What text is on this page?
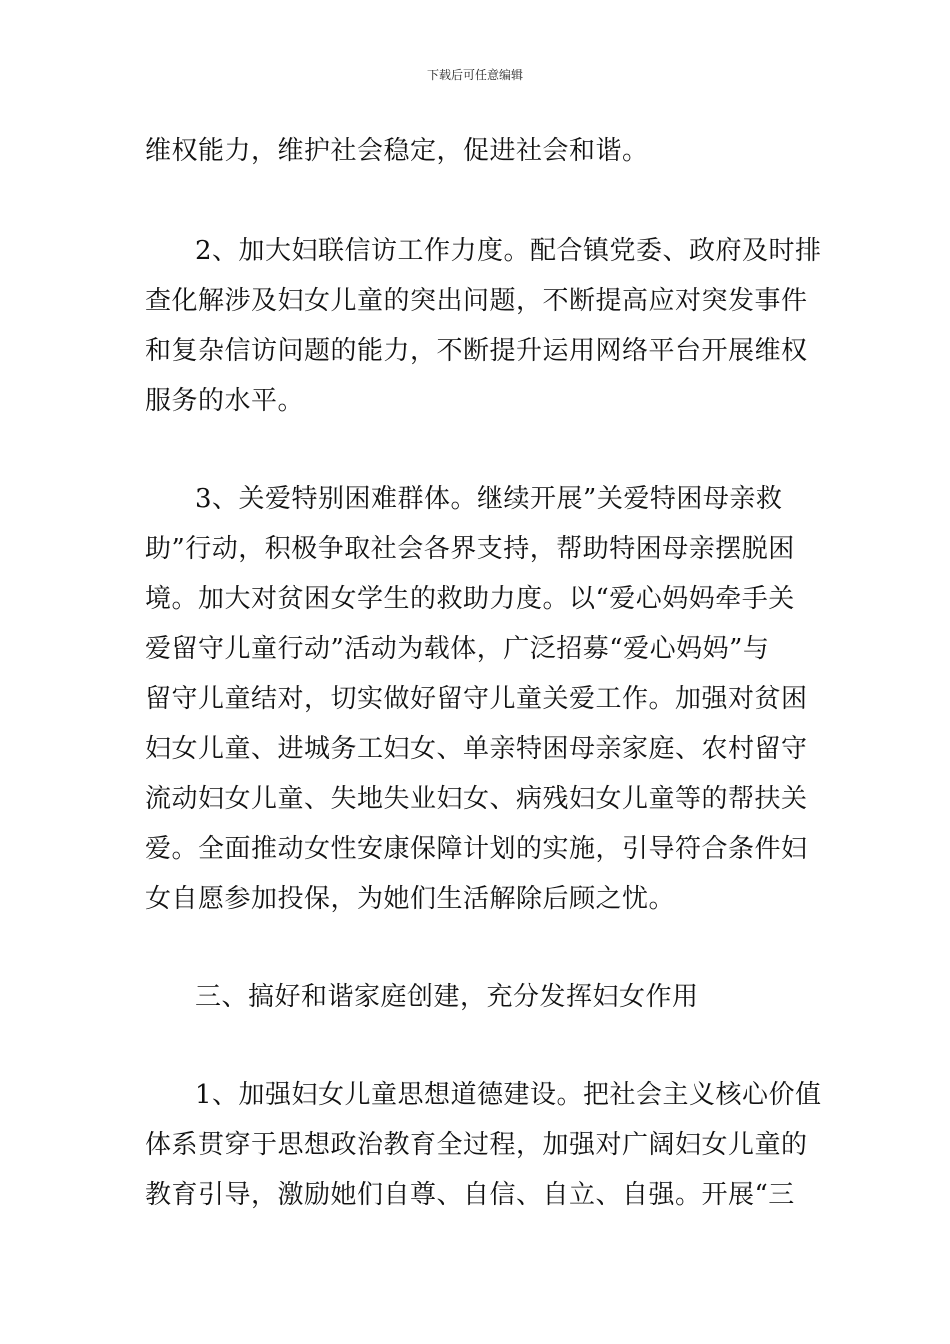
下载后可任意编辑
维权能力，维护社会稳定，促进社会和谐。
2、加大妇联信访工作力度。配合镇党委、政府及时排
查化解涉及妇女儿童的突出问题，不断提高应对突发事件
和复杂信访问题的能力，不断提升运用网络平台开展维权
服务的水平。
3、关爱特别困难群体。继续开展”关爱特困母亲救
助”行动，积极争取社会各界支持，帮助特困母亲摆脱困
境。加大对贫困女学生的救助力度。以“爱心妈妈牵手关
爱留守儿童行动”活动为载体，广泛招募“爱心妈妈”与
留守儿童结对，切实做好留守儿童关爱工作。加强对贫困
妇女儿童、进城务工妇女、单亲特困母亲家庭、农村留守
流动妇女儿童、失地失业妇女、病残妇女儿童等的帮扶关
爱。全面推动女性安康保障计划的实施，引导符合条件妇
女自愿参加投保，为她们生活解除后顾之忧。
三、搞好和谐家庭创建，充分发挥妇女作用
1、加强妇女儿童思想道德建设。把社会主义核心价值
体系贯穿于思想政治教育全过程，加强对广阔妇女儿童的
教育引导，激励她们自尊、自信、自立、自强。开展“三
